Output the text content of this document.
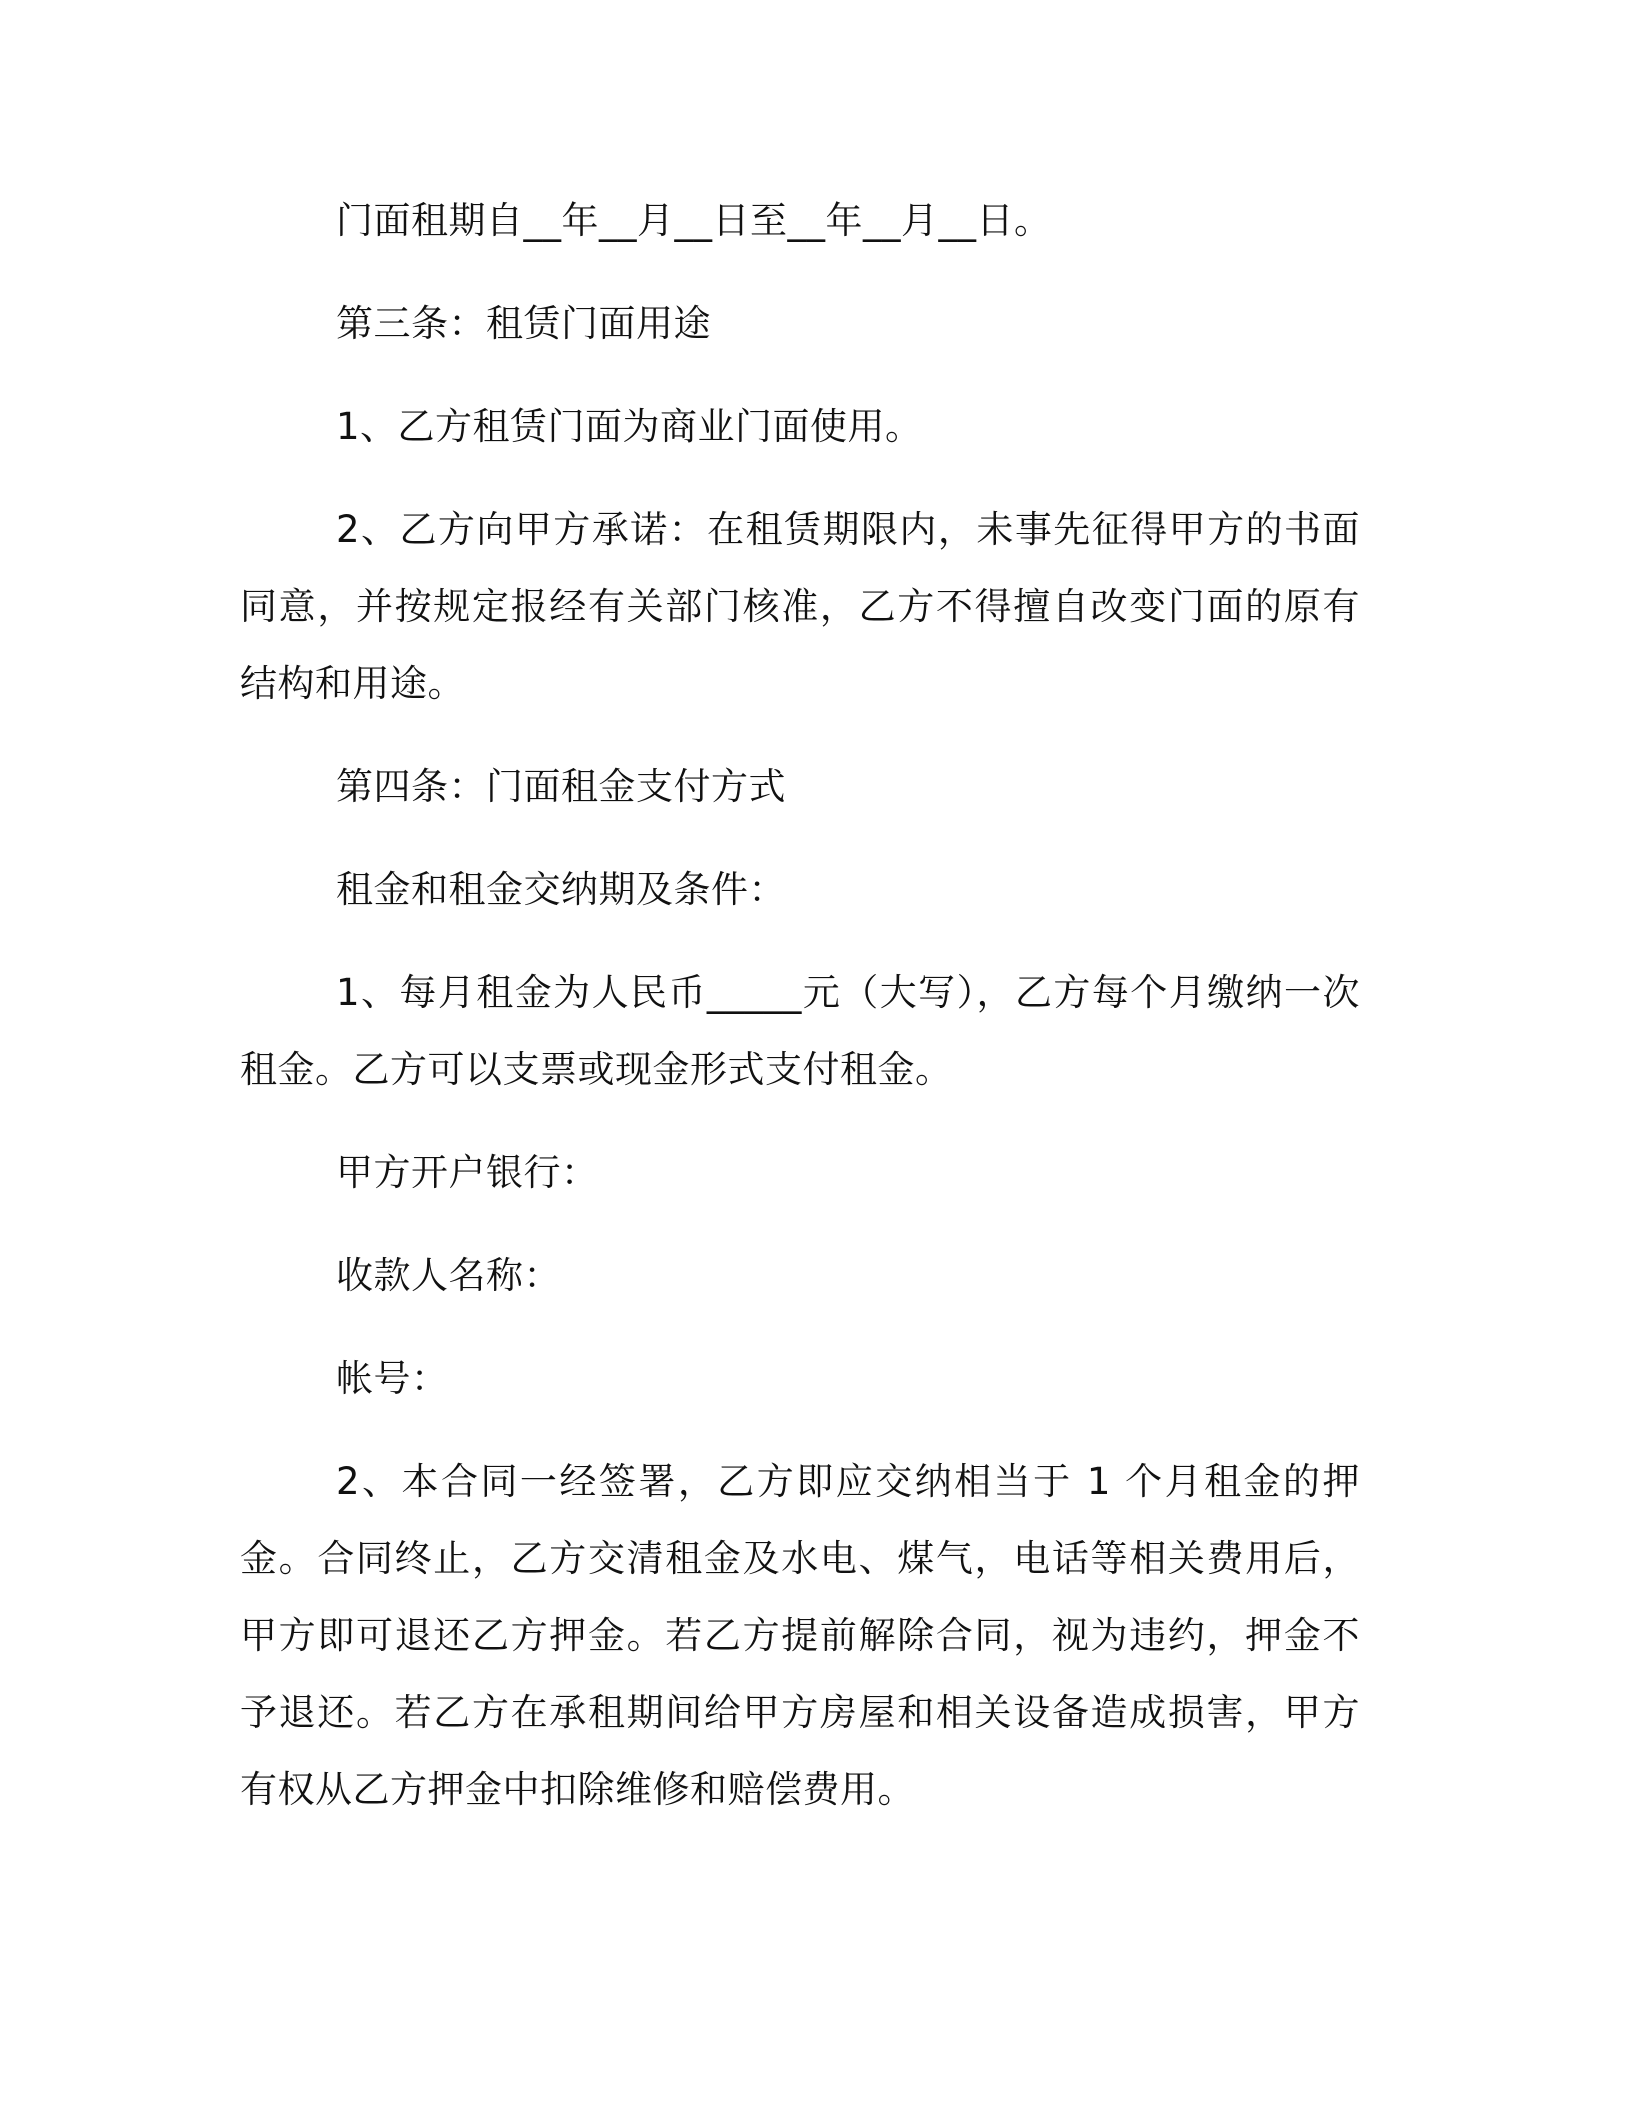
门面租期自__年__月__日至__年__月__日。

第三条：租赁门面用途

1、乙方租赁门面为商业门面使用。

2、乙方向甲方承诺：在租赁期限内，未事先征得甲方的书面同意，并按规定报经有关部门核准，乙方不得擅自改变门面的原有结构和用途。

第四条：门面租金支付方式

租金和租金交纳期及条件：

1、每月租金为人民币_____元（大写），乙方每个月缴纳一次租金。乙方可以支票或现金形式支付租金。

甲方开户银行：

收款人名称：

帐号：

2、本合同一经签署，乙方即应交纳相当于 1 个月租金的押金。合同终止，乙方交清租金及水电、煤气，电话等相关费用后，甲方即可退还乙方押金。若乙方提前解除合同，视为违约，押金不予退还。若乙方在承租期间给甲方房屋和相关设备造成损害，甲方有权从乙方押金中扣除维修和赔偿费用。
